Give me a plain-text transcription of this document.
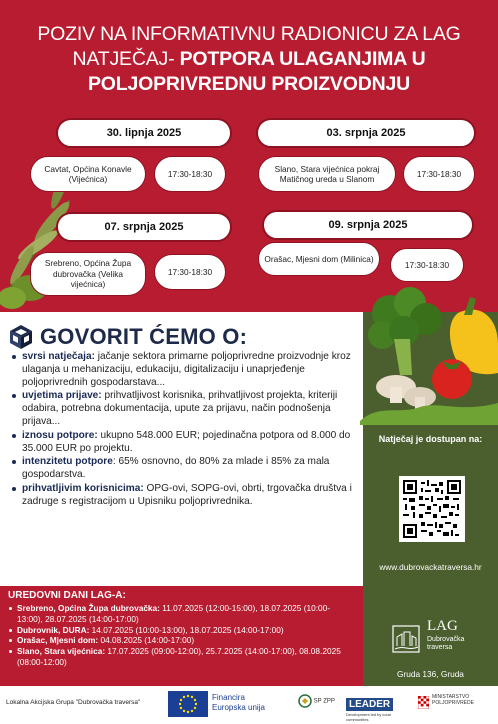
POZIV NA INFORMATIVNU RADIONICU ZA LAG
NATJEČAJ- POTPORA ULAGANJIMA U
POLJOPRIVREDNU PROIZVODNJU
30. lipnja 2025
Cavtat, Općina Konavle (Vijećnica)	17:30-18:30
03. srpnja 2025
Slano, Stara vijećnica pokraj Matičnog ureda u Slanom	17:30-18:30
07. srpnja 2025
Srebreno, Općina Župa dubrovačka (Velika vijećnica)
17:30-18:30
09. srpnja 2025
Orašac, Mjesni dom (Milinica)
17:30-18:30
Natječaj je dostupan na:
www.dubrovackatraversa.hr
LAG
Dubrovačka
traversa
Gruda 136, Gruda
GOVORIT ĆEMO O:
svrsi natječaja: jačanje sektora primarne poljoprivredne proizvodnje kroz ulaganja u mehanizaciju, edukaciju, digitalizaciju i unaprjeđenje poljoprivrednih gospodarstava...
uvjetima prijave: prihvatljivost korisnika, prihvatljivost projekta, kriteriji odabira, potrebna dokumentacija, upute za prijavu, način podnošenja prijava...
iznosu potpore: ukupno 548.000 EUR; pojedinačna potpora od 8.000 do 35.000 EUR po projektu.
intenzitetu potpore: 65% osnovno, do 80% za mlade i 85% za mala gospodarstva.
prihvatljivim korisnicima: OPG-ovi, SOPG-ovi, obrti, trgovačka društva i zadruge s registracijom u Upisniku poljoprivrednika.
UREDOVNI DANI LAG-A:
Srebreno, Općina Župa dubrovačka: 11.07.2025 (12:00-15:00), 18.07.2025 (10:00-13:00), 28.07.2025 (14:00-17:00)
Dubrovnik, DURA: 14.07.2025 (10:00-13:00), 18.07.2025 (14:00-17:00)
Orašac, Mjesni dom: 04.08.2025 (14:00-17:00)
Slano, Stara vijećnica: 17.07.2025 (09:00-12:00), 25.7.2025 (14:00-17:00), 08.08.2025 (08:00-12:00)
Lokalna Akcijska Grupa "Dubrovačka traversa"
Financira
Europska unija
SP ZPP	LEADER
Development led by local communities
MINISTARSTVO
POLJOPRIVREDE
